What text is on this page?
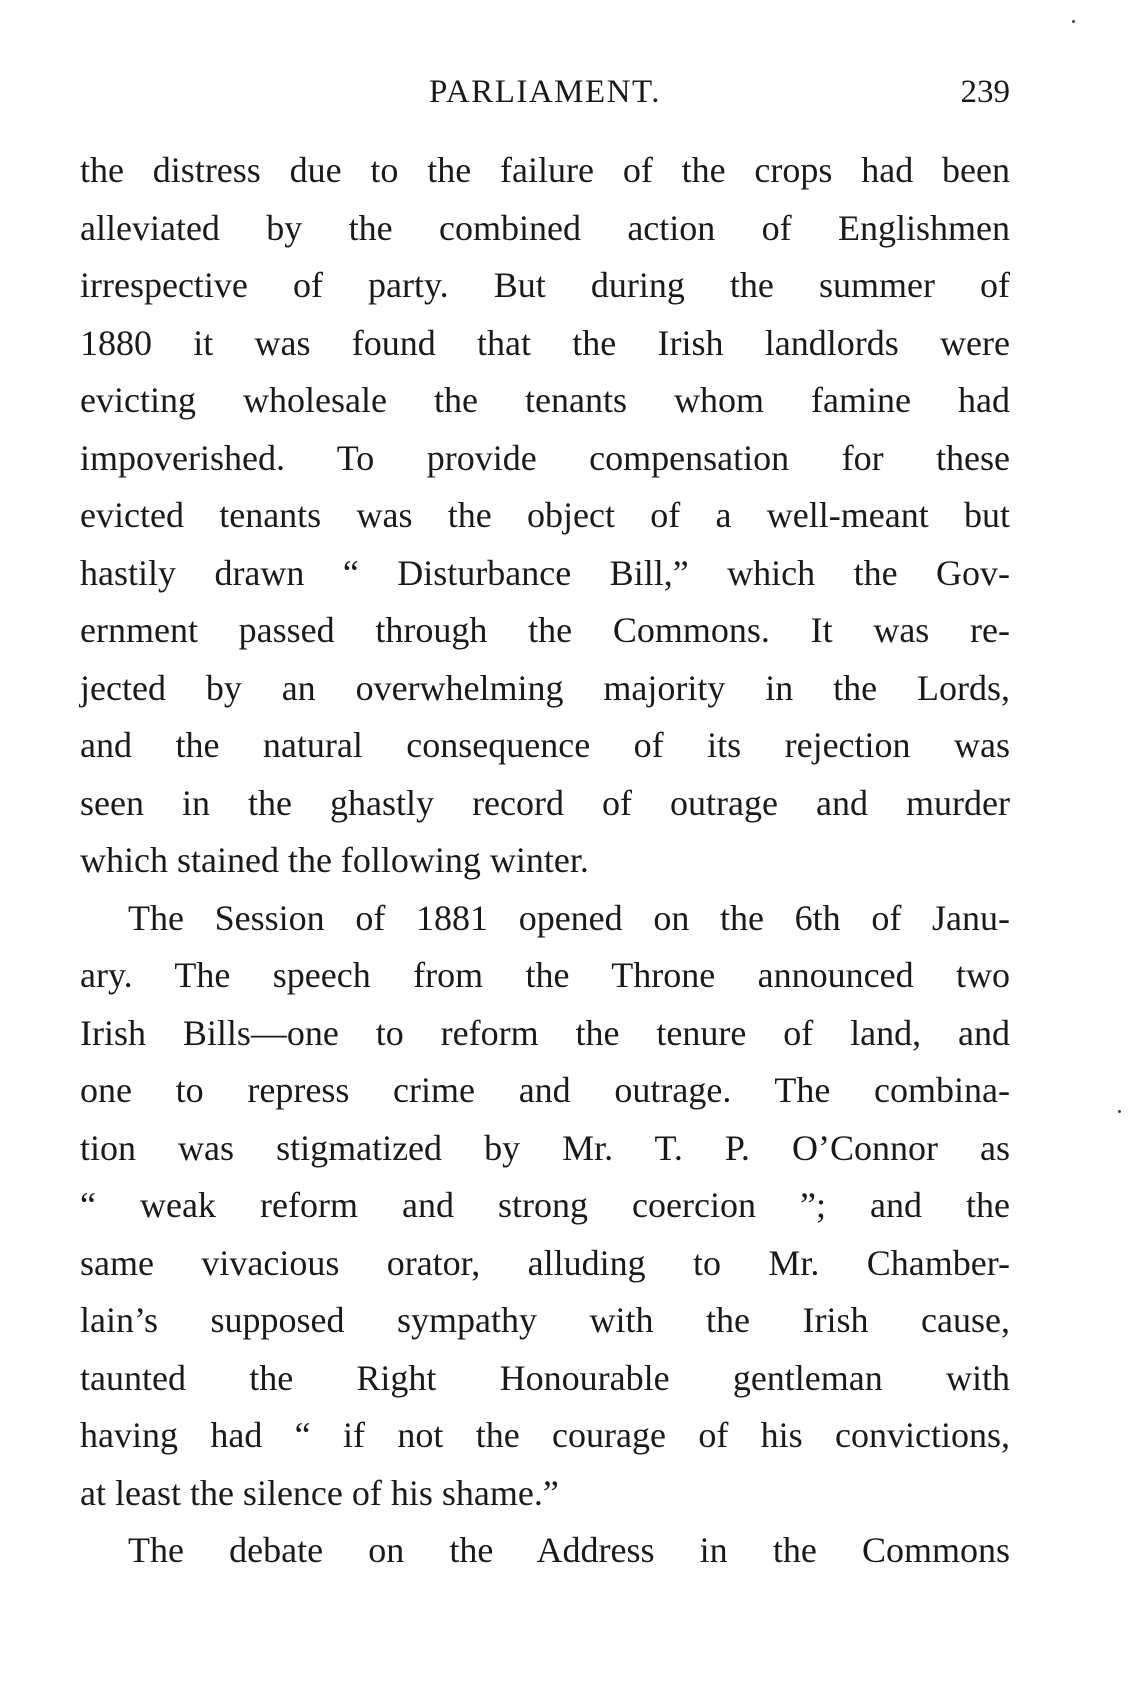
PARLIAMENT.	239
the distress due to the failure of the crops had been
alleviated by the combined action of Englishmen
irrespective of party. But during the summer of
1880 it was found that the Irish landlords were
evicting wholesale the tenants whom famine had
impoverished. To provide compensation for these
evicted tenants was the object of a well-meant but
hastily drawn “ Disturbance Bill,” which the Gov-
ernment passed through the Commons. It was re-
jected by an overwhelming majority in the Lords,
and the natural consequence of its rejection was
seen in the ghastly record of outrage and murder
which stained the following winter.
The Session of 1881 opened on the 6th of Janu-
ary. The speech from the Throne announced two
Irish Bills—one to reform the tenure of land, and
one to repress crime and outrage. The combina-
tion was stigmatized by Mr. T. P. O’Connor as
“ weak reform and strong coercion ”; and the
same vivacious orator, alluding to Mr. Chamber-
lain’s supposed sympathy with the Irish cause,
taunted the Right Honourable gentleman with
having had “ if not the courage of his convictions,
at least the silence of his shame.”
The debate on the Address in the Commons
